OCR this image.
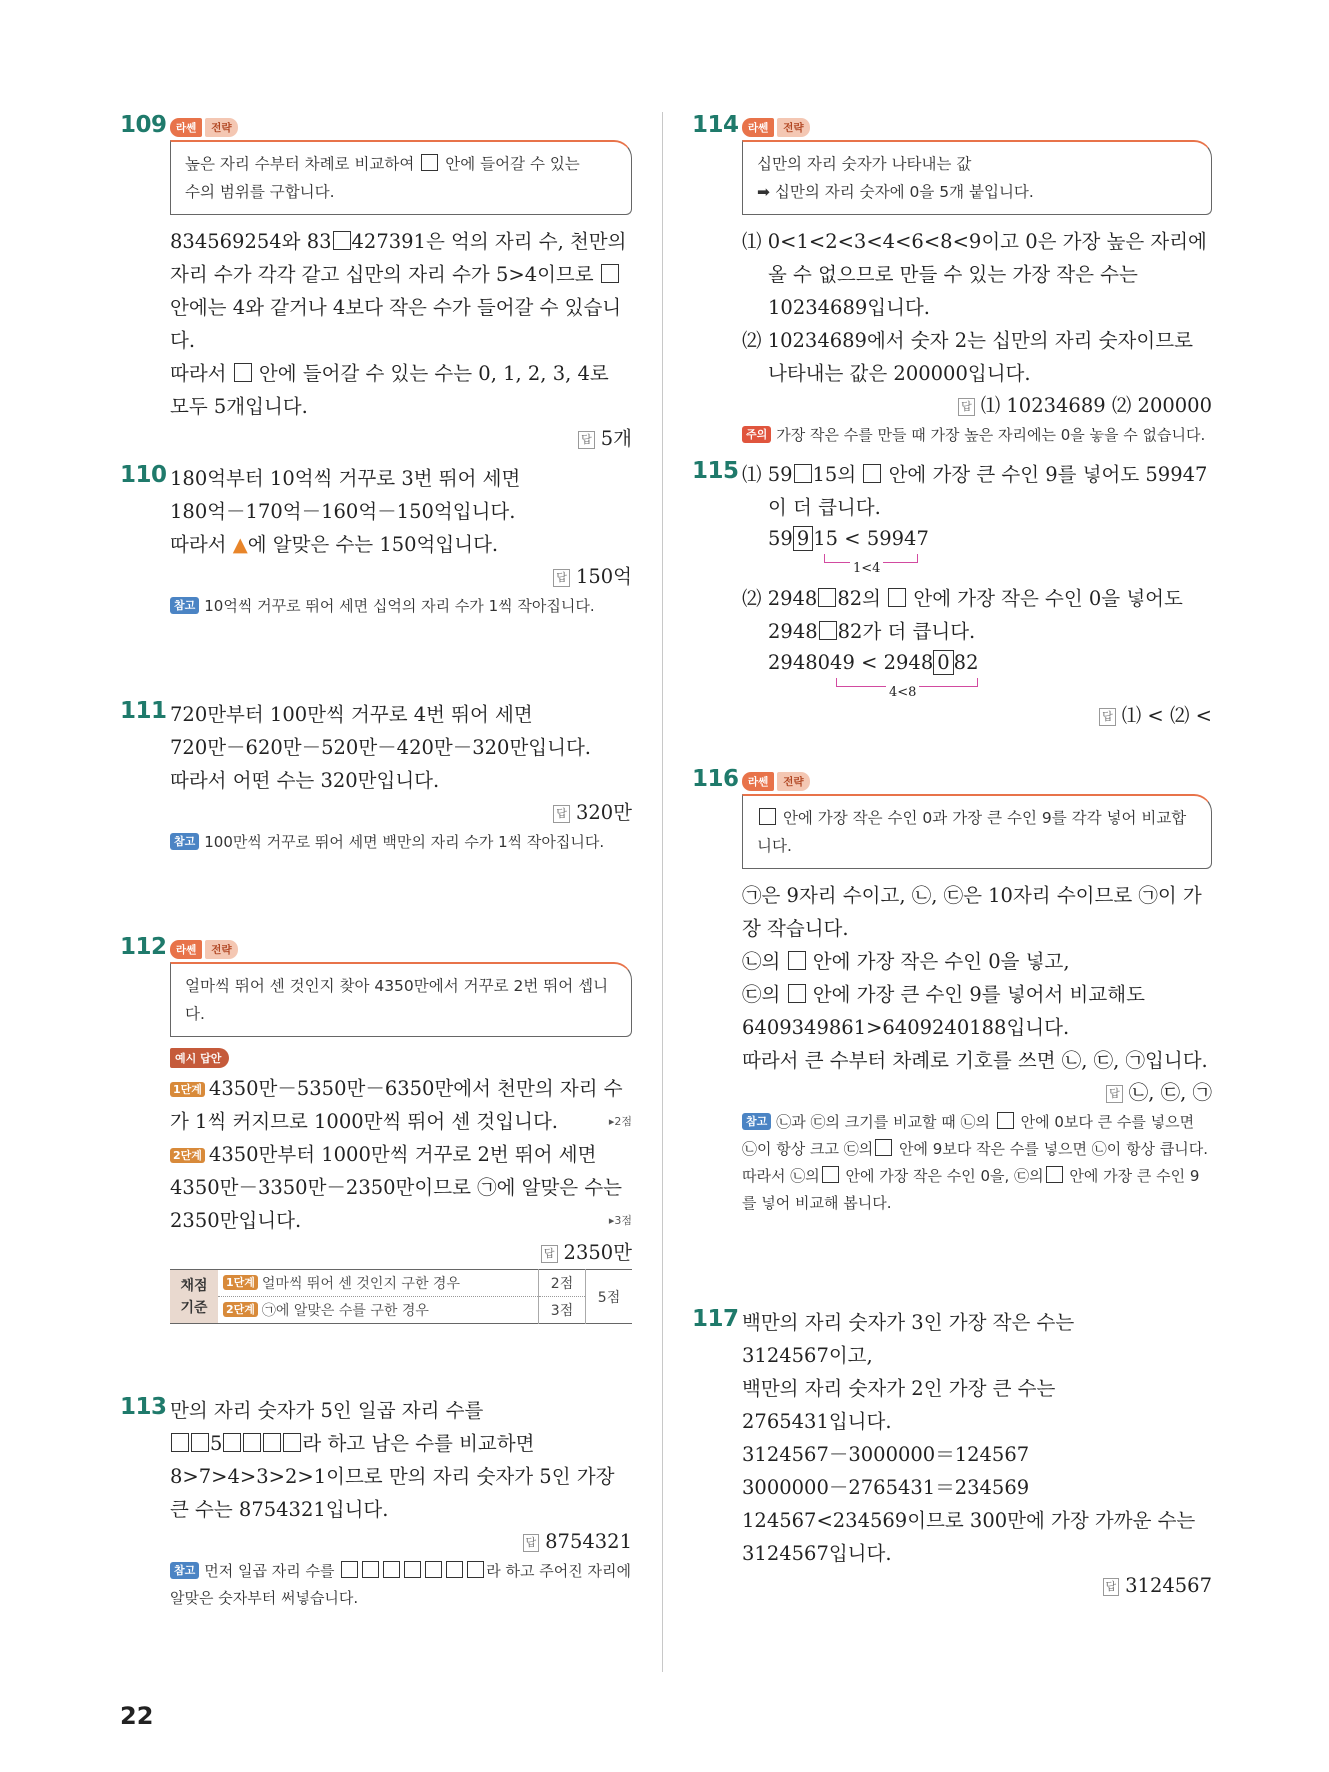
109 라쎈	전략

높은 자리 수부터 차례로 비교하여 안에 들어갈 수 있는

수의 범위를 구합니다.

834569254와 83 427391은 억의 자리 수, 천만의 자리 수가 각각 같고 십만의 자리 수가 5>4이므로  안에는 4와 같거나 4보다 작은 수가 들어갈 수 있습니다.

따라서 안에 들어갈 수 있는 수는 0, 1, 2, 3, 4로 모두 5개입니다.

답 5개
110 180억부터 10억씩 거꾸로 3번 뛰어 세면

180억－170억－160억－150억입니다.

따라서 ▲에 알맞은 수는 150억입니다.

답 150억

참고 10억씩 거꾸로 뛰어 세면 십억의 자리 수가 1씩 작아집니다.

111 720만부터 100만씩 거꾸로 4번 뛰어 세면

720만－620만－520만－420만－320만입니다.

따라서 어떤 수는 320만입니다.

답 320만

참고 100만씩 거꾸로 뛰어 세면 백만의 자리 수가 1씩 작아집니다.

112 라쎈	전략

얼마씩 뛰어 센 것인지 찾아 4350만에서 거꾸로 2번 뛰어 셉니다.

예시 답안

1단계 4350만－5350만－6350만에서 천만의 자리 수가 1씩 커지므로 1000만씩 뛰어 센 것입니다.	▸2점

2단계 4350만부터 1000만씩 거꾸로 2번 뛰어 세면 4350만－3350만－2350만이므로 ㉠에 알맞은 수는 2350만입니다.	▸3점

답 2350만
채점 기준	1단계 얼마씩 뛰어 센 것인지 구한 경우	2점	5점
	2단계 ㉠에 알맞은 수를 구한 경우	3점	
113 만의 자리 숫자가 5인 일곱 자리 수를

5	라 하고 남은 수를 비교하면

8>7>4>3>2>1이므로 만의 자리 숫자가 5인 가장 큰 수는 8754321입니다.

답 8754321

참고 먼저 일곱 자리 수를	라 하고 주어진 자리에 알맞은 숫자부터 써넣습니다.

114 라쎈	전략

십만의 자리 숫자가 나타내는 값

➡ 십만의 자리 숫자에 0을 5개 붙입니다.

⑴ 0<1<2<3<4<6<8<9이고 0은 가장 높은 자리에 올 수 없으므로 만들 수 있는 가장 작은 수는 10234689입니다.

⑵ 10234689에서 숫자 2는 십만의 자리 숫자이므로 나타내는 값은 200000입니다.

답 ⑴ 10234689 ⑵ 200000

주의 가장 작은 수를 만들 때 가장 높은 자리에는 0을 놓을 수 없습니다.

115 ⑴ 59 15의 안에 가장 큰 수인 9를 넣어도 59947이 더 큽니다.

59 9 15 < 59947
1<4

⑵ 2948 82의 안에 가장 작은 수인 0을 넣어도 2948 82가 더 큽니다.

2948049 < 2948 0 82
4<8
답 ⑴ < ⑵ <
116 라쎈	전략

안에 가장 작은 수인 0과 가장 큰 수인 9를 각각 넣어 비교합니다.

㉠은 9자리 수이고, ㉡, ㉢은 10자리 수이므로 ㉠이 가장 작습니다.

㉡의 안에 가장 작은 수인 0을 넣고,

㉢의 안에 가장 큰 수인 9를 넣어서 비교해도

6409349861>6409240188입니다.

따라서 큰 수부터 차례로 기호를 쓰면 ㉡, ㉢, ㉠입니다.

답 ㉡, ㉢, ㉠

참고 ㉡과 ㉢의 크기를 비교할 때 ㉡의 안에 0보다 큰 수를 넣으면 ㉡이 항상 크고 ㉢의 안에 9보다 작은 수를 넣으면 ㉡이 항상 큽니다.

따라서 ㉡의 안에 가장 작은 수인 0을, ㉢의 안에 가장 큰 수인 9를 넣어 비교해 봅니다.

117 백만의 자리 숫자가 3인 가장 작은 수는

3124567이고,

백만의 자리 숫자가 2인 가장 큰 수는

2765431입니다.

3124567－3000000＝124567

3000000－2765431＝234569

124567<234569이므로 300만에 가장 가까운 수는 3124567입니다.

답 3124567
22
